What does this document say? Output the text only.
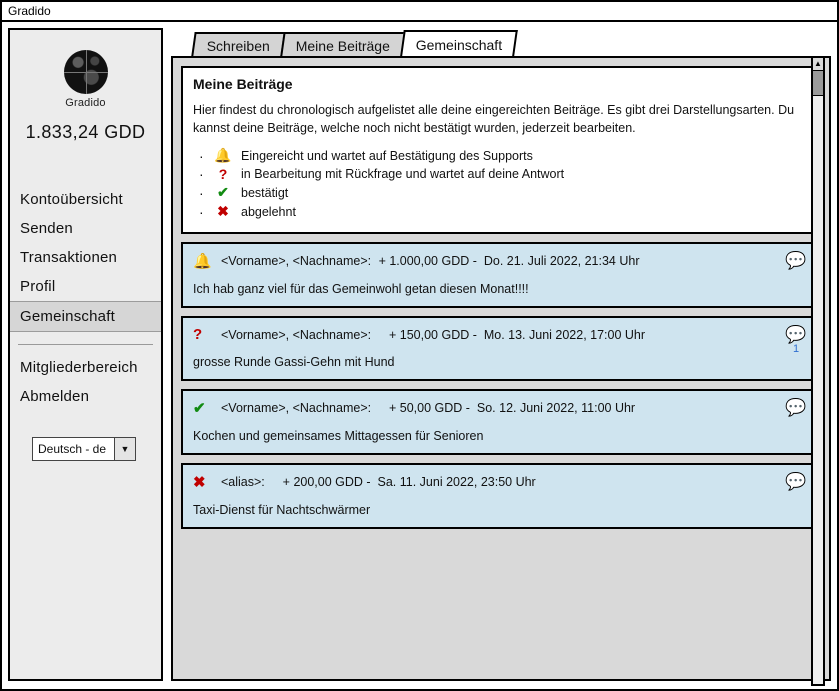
Gradido
Gradido
1.833,24 GDD
Kontoübersicht
Senden
Transaktionen
Profil
Gemeinschaft
Mitgliederbereich
Abmelden
Deutsch - de	▼
Schreiben	Meine Beiträge	Gemeinschaft
Meine Beiträge
Hier findest du chronologisch aufgelistet alle deine eingereichten Beiträge. Es gibt drei Darstellungsarten. Du kannst deine Beiträge, welche noch nicht bestätigt wurden, jederzeit bearbeiten.
· 🔔 Eingereicht und wartet auf Bestätigung des Supports
· ?	in Bearbeitung mit Rückfrage und wartet auf deine Antwort
· ✔ bestätigt
· ✖ abgelehnt
🔔 <Vorname>, <Nachname>: + 1.000,00 GDD -  Do. 21. Juli 2022, 21:34 Uhr
Ich hab ganz viel für das Gemeinwohl getan diesen Monat!!!!
💬
?	<Vorname>, <Nachname>: + 150,00 GDD -  Mo. 13. Juni 2022, 17:00 Uhr
grosse Runde Gassi-Gehn mit Hund
💬
1
✔	<Vorname>, <Nachname>: + 50,00 GDD -  So. 12. Juni 2022, 11:00 Uhr
Kochen und gemeinsames Mittagessen für Senioren
💬
✖	<alias>: + 200,00 GDD -  Sa. 11. Juni 2022, 23:50 Uhr
Taxi-Dienst für Nachtschwärmer
💬
▲
